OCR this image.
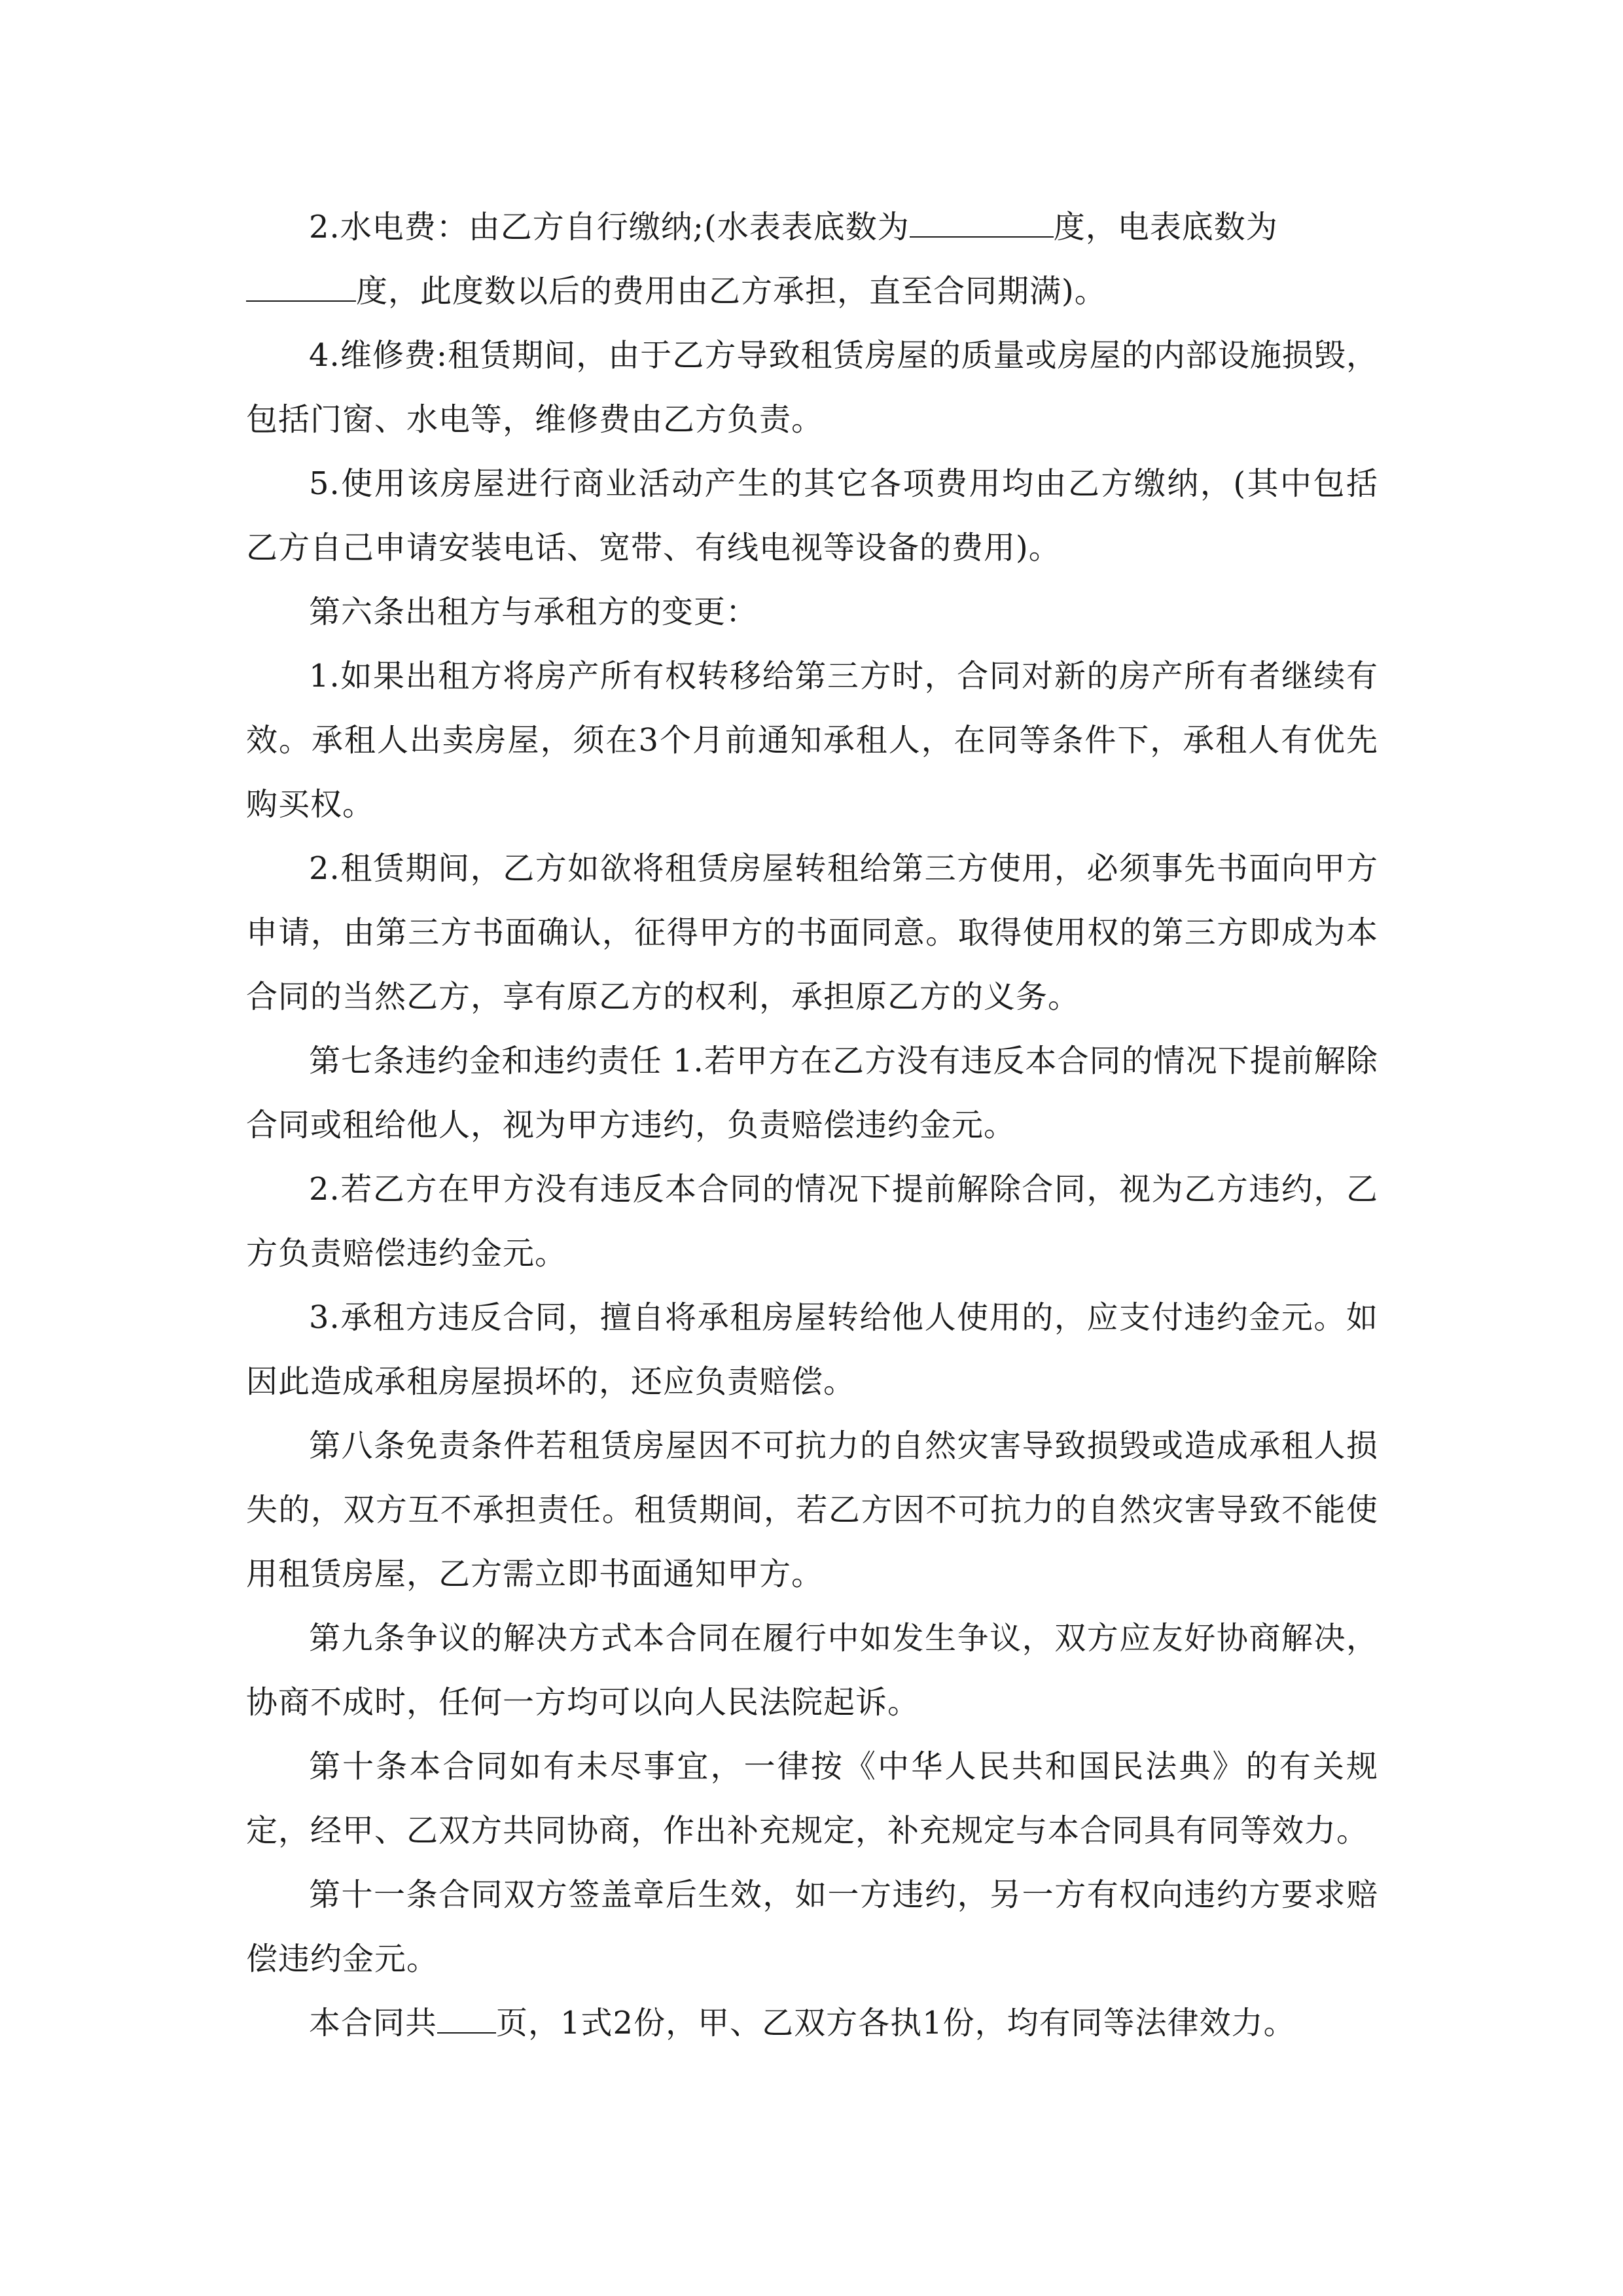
2.水电费：由乙方自行缴纳;(水表表底数为	度，电表底数为
度，此度数以后的费用由乙方承担，直至合同期满)。

4.维修费:租赁期间，由于乙方导致租赁房屋的质量或房屋的内部设施损毁，包括门窗、水电等，维修费由乙方负责。

5.使用该房屋进行商业活动产生的其它各项费用均由乙方缴纳，(其中包括乙方自己申请安装电话、宽带、有线电视等设备的费用)。

第六条出租方与承租方的变更：

1.如果出租方将房产所有权转移给第三方时，合同对新的房产所有者继续有效。承租人出卖房屋，须在3个月前通知承租人，在同等条件下，承租人有优先购买权。

2.租赁期间，乙方如欲将租赁房屋转租给第三方使用，必须事先书面向甲方申请，由第三方书面确认，征得甲方的书面同意。取得使用权的第三方即成为本合同的当然乙方，享有原乙方的权利，承担原乙方的义务。

第七条违约金和违约责任 1.若甲方在乙方没有违反本合同的情况下提前解除合同或租给他人，视为甲方违约，负责赔偿违约金元。

2.若乙方在甲方没有违反本合同的情况下提前解除合同，视为乙方违约，乙方负责赔偿违约金元。

3.承租方违反合同，擅自将承租房屋转给他人使用的，应支付违约金元。如因此造成承租房屋损坏的，还应负责赔偿。

第八条免责条件若租赁房屋因不可抗力的自然灾害导致损毁或造成承租人损失的，双方互不承担责任。租赁期间，若乙方因不可抗力的自然灾害导致不能使用租赁房屋，乙方需立即书面通知甲方。

第九条争议的解决方式本合同在履行中如发生争议，双方应友好协商解决，协商不成时，任何一方均可以向人民法院起诉。

第十条本合同如有未尽事宜，一律按《中华人民共和国民法典》的有关规定，经甲、乙双方共同协商，作出补充规定，补充规定与本合同具有同等效力。

第十一条合同双方签盖章后生效，如一方违约，另一方有权向违约方要求赔偿违约金元。

本合同共 页，1式2份，甲、乙双方各执1份，均有同等法律效力。
